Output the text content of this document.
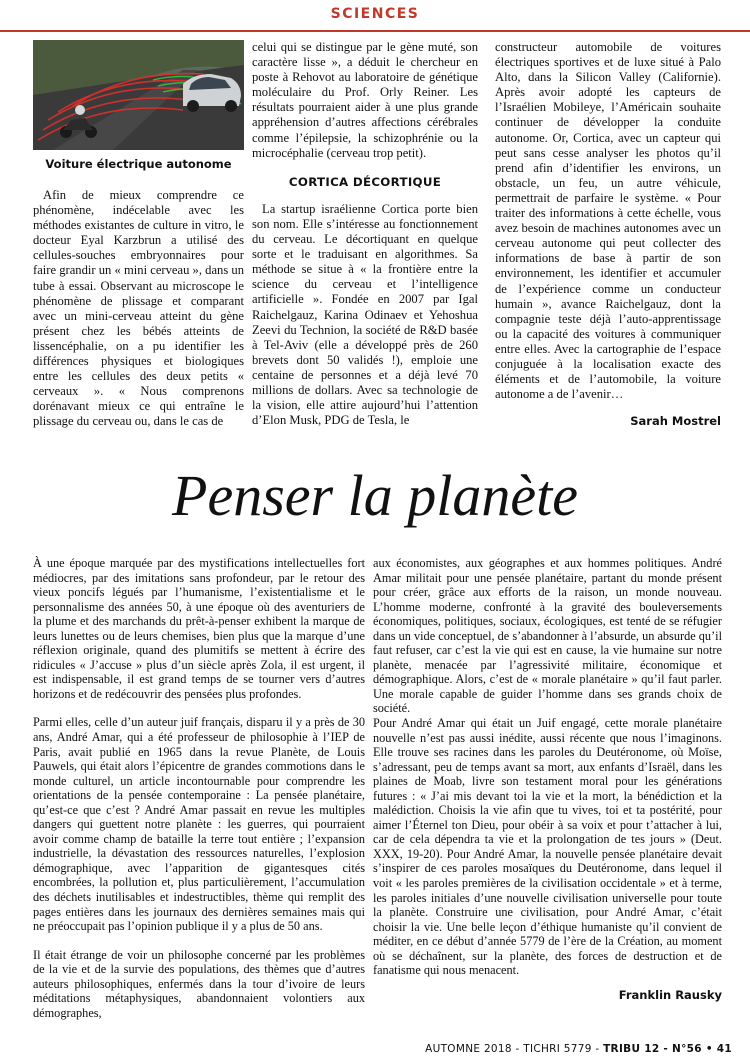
SCIENCES
Voiture électrique autonome

Afin de mieux comprendre ce phénomène, indécelable avec les méthodes existantes de culture in vitro, le docteur Eyal Karzbrun a utilisé des cellules-souches embryonnaires pour faire grandir un « mini cerveau », dans un tube à essai. Observant au microscope le phénomène de plissage et comparant avec un mini-cerveau atteint du gène présent chez les bébés atteints de lissencéphalie, on a pu identifier les différences physiques et biologiques entre les cellules des deux petits « cerveaux ». « Nous comprenons dorénavant mieux ce qui entraîne le plissage du cerveau ou, dans le cas de

celui qui se distingue par le gène muté, son caractère lisse », a déduit le chercheur en poste à Rehovot au laboratoire de génétique moléculaire du Prof. Orly Reiner. Les résultats pourraient aider à une plus grande appréhension d’autres affections cérébrales comme l’épilepsie, la schizophrénie ou la microcéphalie (cerveau trop petit).

CORTICA DÉCORTIQUE

La startup israélienne Cortica porte bien son nom. Elle s’intéresse au fonctionnement du cerveau. Le décortiquant en quelque sorte et le traduisant en algorithmes. Sa méthode se situe à « la frontière entre la science du cerveau et l’intelligence artificielle ». Fondée en 2007 par Igal Raichelgauz, Karina Odinaev et Yehoshua Zeevi du Technion, la société de R&D basée à Tel-Aviv (elle a développé près de 260 brevets dont 50 validés !), emploie une centaine de personnes et a déjà levé 70 millions de dollars. Avec sa technologie de la vision, elle attire aujourd’hui l’attention d’Elon Musk, PDG de Tesla, le

constructeur automobile de voitures électriques sportives et de luxe situé à Palo Alto, dans la Silicon Valley (Californie). Après avoir adopté les capteurs de l’Israélien Mobileye, l’Américain souhaite continuer de développer la conduite autonome. Or, Cortica, avec un capteur qui peut sans cesse analyser les photos qu’il prend afin d’identifier les environs, un obstacle, un feu, un autre véhicule, permettrait de parfaire le système. « Pour traiter des informations à cette échelle, vous avez besoin de machines autonomes avec un cerveau autonome qui peut collecter des informations de base à partir de son environnement, les identifier et accumuler de l’expérience comme un conducteur humain », avance Raichelgauz, dont la compagnie teste déjà l’auto-apprentissage ou la capacité des voitures à communiquer entre elles. Avec la cartographie de l’espace conjuguée à la localisation exacte des éléments et de l’automobile, la voiture autonome a de l’avenir…

Sarah Mostrel

Penser la planète

À une époque marquée par des mystifications intellectuelles fort médiocres, par des imitations sans profondeur, par le retour des vieux poncifs légués par l’humanisme, l’existentialisme et le personnalisme des années 50, à une époque où des aventuriers de la plume et des marchands du prêt-à-penser exhibent la marque de leurs lunettes ou de leurs chemises, bien plus que la marque d’une réflexion originale, quand des plumitifs se mettent à écrire des ridicules « J’accuse » plus d’un siècle après Zola, il est urgent, il est indispensable, il est grand temps de se tourner vers d’autres horizons et de redécouvrir des pensées plus profondes.

Parmi elles, celle d’un auteur juif français, disparu il y a près de 30 ans, André Amar, qui a été professeur de philosophie à l’IEP de Paris, avait publié en 1965 dans la revue Planète, de Louis Pauwels, qui était alors l’épicentre de grandes commotions dans le monde culturel, un article incontournable pour comprendre les orientations de la pensée contemporaine : La pensée planétaire, qu’est-ce que c’est ? André Amar passait en revue les multiples dangers qui guettent notre planète : les guerres, qui pourraient avoir comme champ de bataille la terre tout entière ; l’expansion industrielle, la dévastation des ressources naturelles, l’explosion démographique, avec l’apparition de gigantesques cités encombrées, la pollution et, plus particulièrement, l’accumulation des déchets inutilisables et indestructibles, thème qui remplit des pages entières dans les journaux des dernières semaines mais qui ne préoccupait pas l’opinion publique il y a plus de 50 ans.

Il était étrange de voir un philosophe concerné par les problèmes de la vie et de la survie des populations, des thèmes que d’autres auteurs philosophiques, enfermés dans la tour d’ivoire de leurs méditations métaphysiques, abandonnaient volontiers aux démographes,

aux économistes, aux géographes et aux hommes politiques. André Amar militait pour une pensée planétaire, partant du monde présent pour créer, grâce aux efforts de la raison, un monde nouveau. L’homme moderne, confronté à la gravité des bouleversements économiques, politiques, sociaux, écologiques, est tenté de se réfugier dans un vide conceptuel, de s’abandonner à l’absurde, un absurde qu’il faut refuser, car c’est la vie qui est en cause, la vie humaine sur notre planète, menacée par l’agressivité militaire, économique et démographique. Alors, c’est de « morale planétaire » qu’il faut parler. Une morale capable de guider l’homme dans ses grands choix de société.

Pour André Amar qui était un Juif engagé, cette morale planétaire nouvelle n’est pas aussi inédite, aussi récente que nous l’imaginons. Elle trouve ses racines dans les paroles du Deutéronome, où Moïse, s’adressant, peu de temps avant sa mort, aux enfants d’Israël, dans les plaines de Moab, livre son testament moral pour les générations futures : « J’ai mis devant toi la vie et la mort, la bénédiction et la malédiction. Choisis la vie afin que tu vives, toi et ta postérité, pour aimer l’Éternel ton Dieu, pour obéir à sa voix et pour t’attacher à lui, car de cela dépendra ta vie et la prolongation de tes jours » (Deut. XXX, 19-20). Pour André Amar, la nouvelle pensée planétaire devait s’inspirer de ces paroles mosaïques du Deutéronome, dans lequel il voit « les paroles premières de la civilisation occidentale » et à terme, les paroles initiales d’une nouvelle civilisation universelle pour toute la planète. Construire une civilisation, pour André Amar, c’était choisir la vie. Une belle leçon d’éthique humaniste qu’il convient de méditer, en ce début d’année 5779 de l’ère de la Création, au moment où se déchaînent, sur la planète, des forces de destruction et de fanatisme qui nous menacent.

Franklin Rausky

AUTOMNE 2018 - TICHRI 5779 - TRIBU 12 - N°56 • 41
